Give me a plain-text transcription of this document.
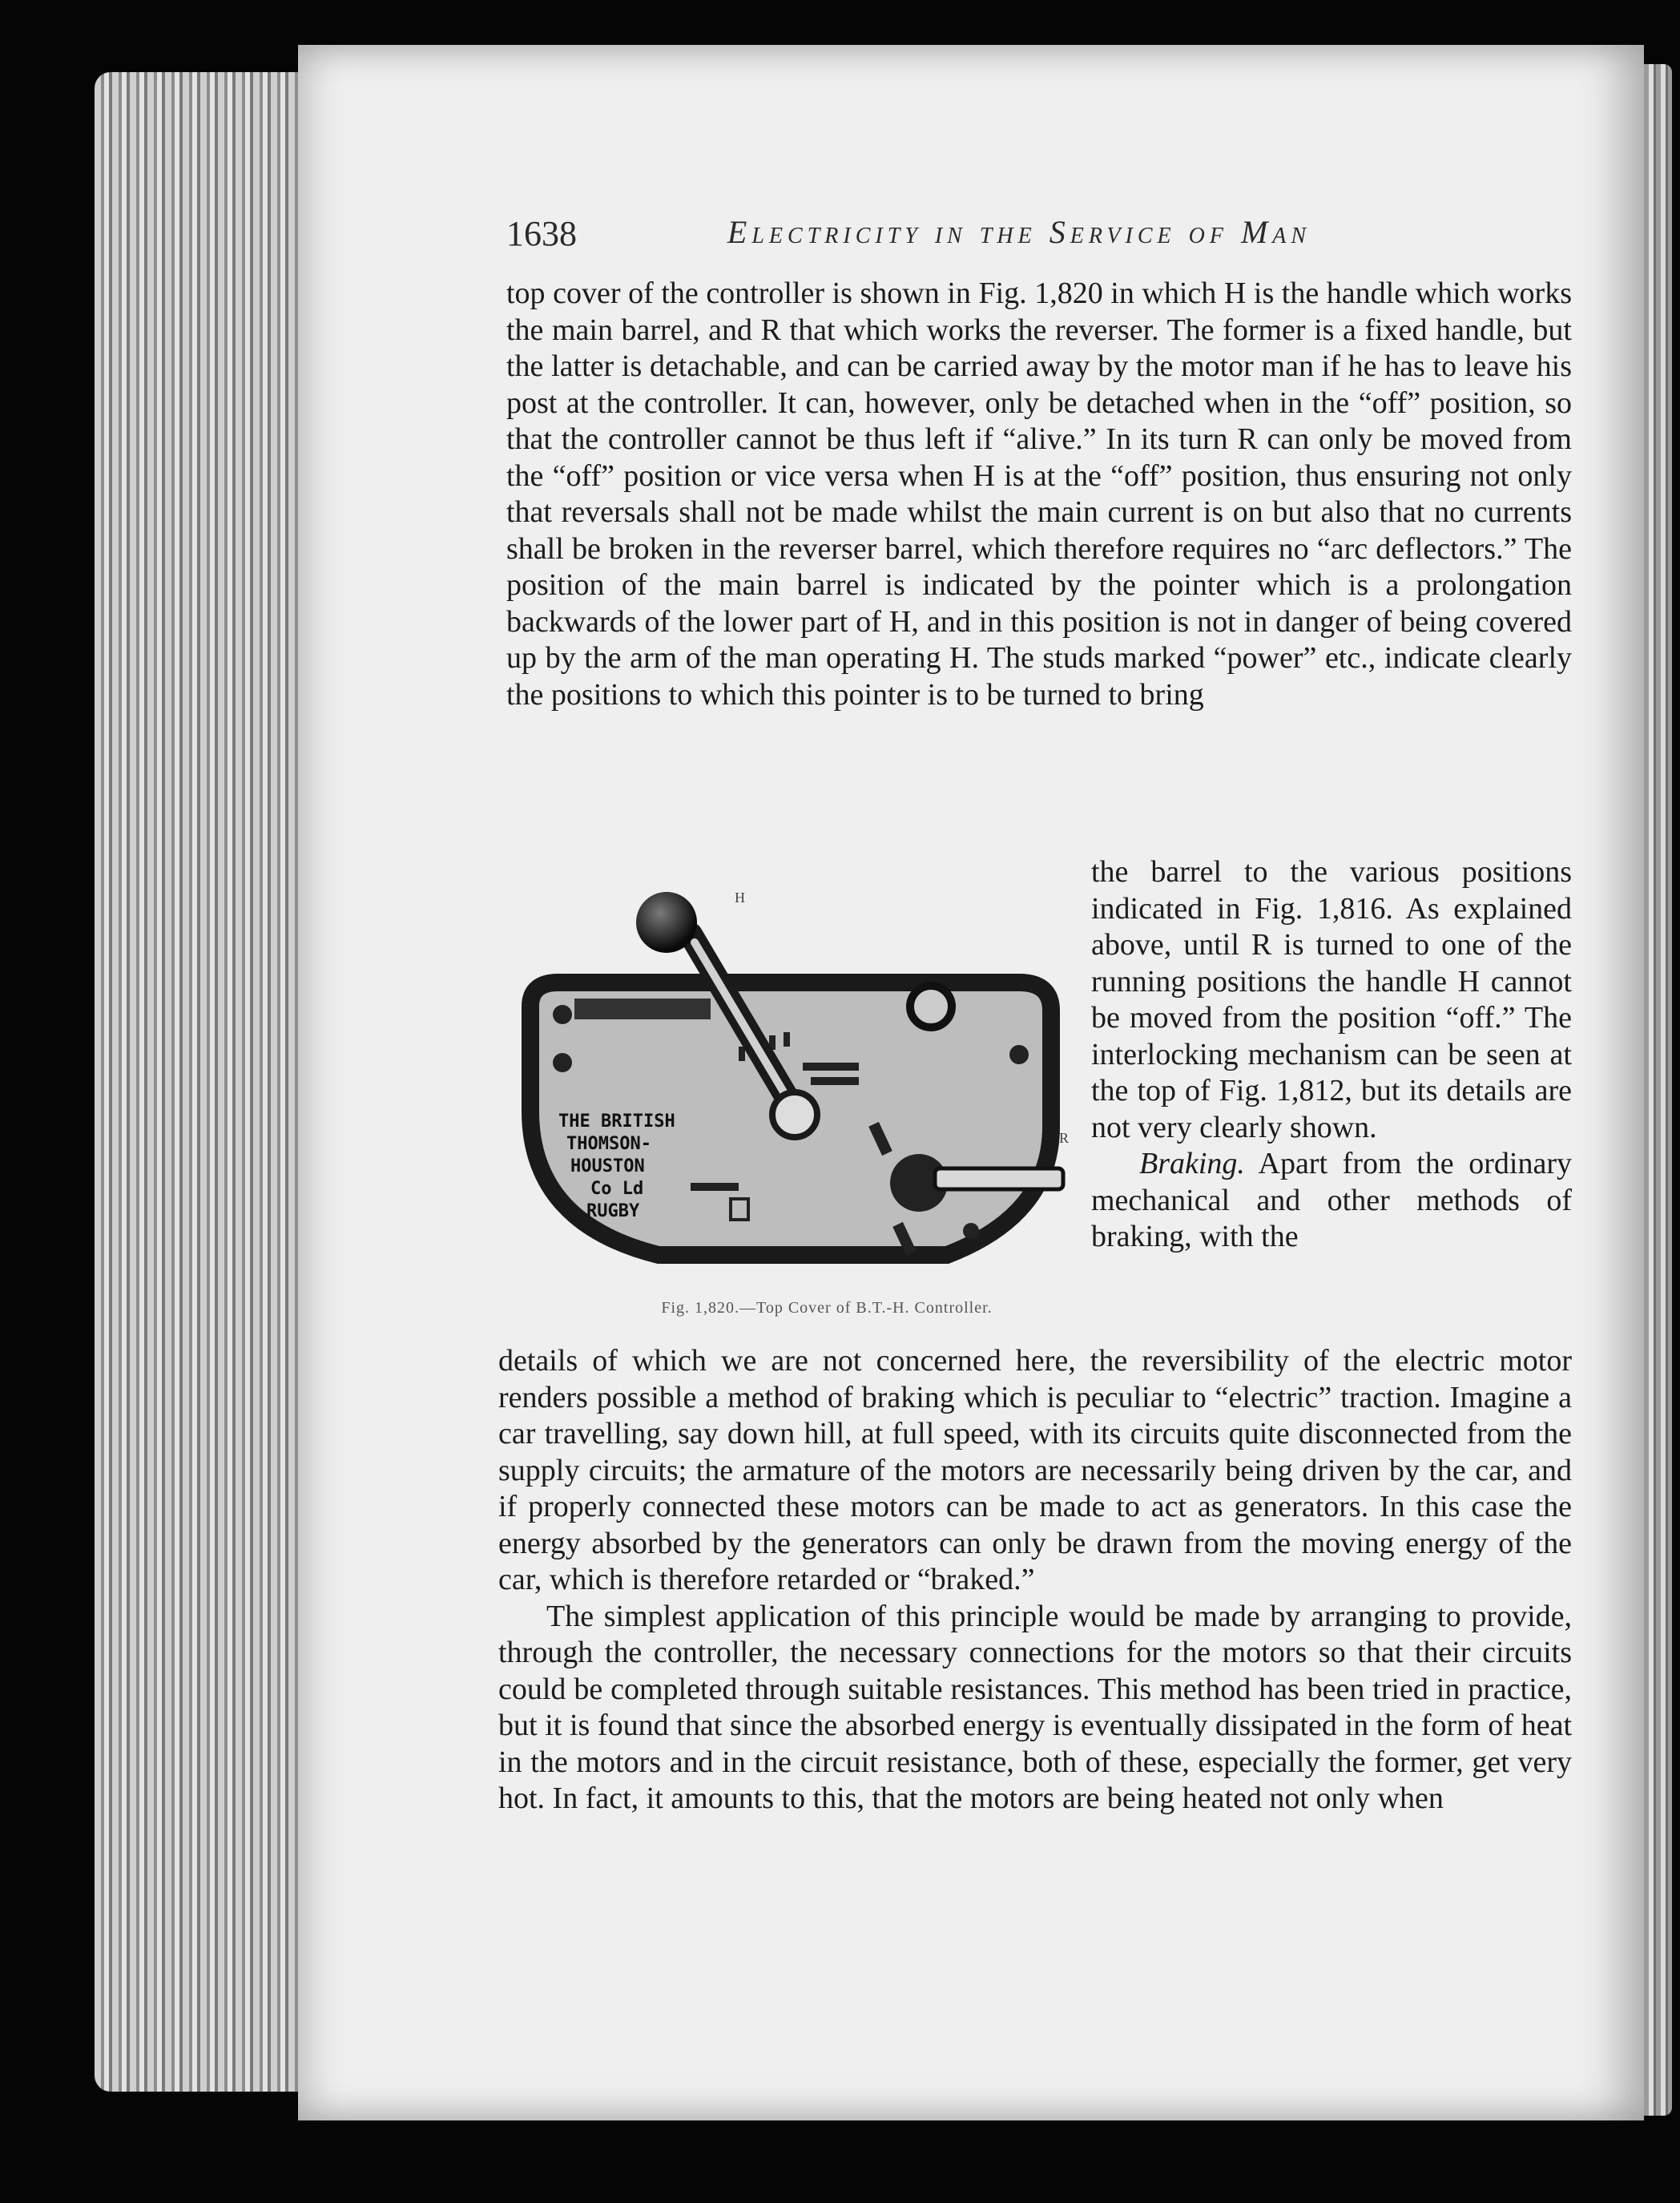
1638	Electricity in the Service of Man

top cover of the controller is shown in Fig. 1,820 in which H is the handle which works the main barrel, and R that which works the reverser. The former is a fixed handle, but the latter is detachable, and can be carried away by the motor man if he has to leave his post at the controller. It can, however, only be detached when in the “off” position, so that the controller cannot be thus left if “alive.” In its turn R can only be moved from the “off” position or vice versa when H is at the “off” position, thus ensuring not only that reversals shall not be made whilst the main current is on but also that no currents shall be broken in the reverser barrel, which therefore requires no “arc deflectors.” The position of the main barrel is indicated by the pointer which is a prolongation backwards of the lower part of H, and in this position is not in danger of being covered up by the arm of the man operating H. The studs marked “power” etc., indicate clearly the positions to which this pointer is to be turned to bring

THE BRITISH
THOMSON-
HOUSTON
Co Ld
RUGBY
H
R
Fig. 1,820.—Top Cover of B.T.-H. Controller.

the barrel to the various positions indicated in Fig. 1,816. As explained above, until R is turned to one of the running positions the handle H cannot be moved from the position “off.” The interlocking mechanism can be seen at the top of Fig. 1,812, but its details are not very clearly shown.

Braking. Apart from the ordinary mechanical and other methods of braking, with the

details of which we are not concerned here, the reversibility of the electric motor renders possible a method of braking which is peculiar to “electric” traction. Imagine a car travelling, say down hill, at full speed, with its circuits quite disconnected from the supply circuits; the armature of the motors are necessarily being driven by the car, and if properly connected these motors can be made to act as generators. In this case the energy absorbed by the generators can only be drawn from the moving energy of the car, which is therefore retarded or “braked.”

The simplest application of this principle would be made by arranging to provide, through the controller, the necessary connections for the motors so that their circuits could be completed through suitable resistances. This method has been tried in practice, but it is found that since the absorbed energy is eventually dissipated in the form of heat in the motors and in the circuit resistance, both of these, especially the former, get very hot. In fact, it amounts to this, that the motors are being heated not only when
